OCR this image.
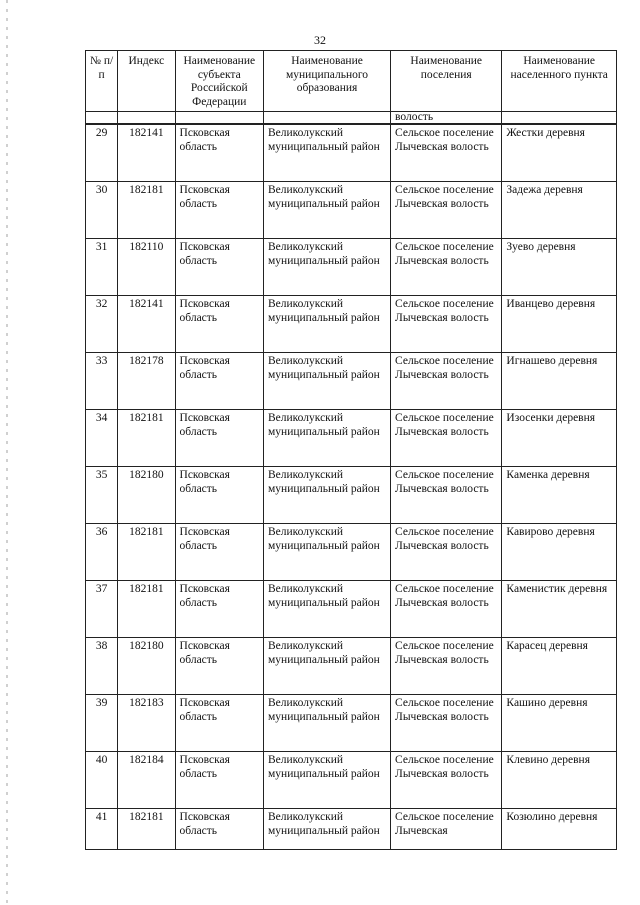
32
№ п/п	Индекс	Наименование субъекта Российской Федерации	Наименование муниципального образования	Наименование поселения	Наименование населенного пункта
				волость	
29	182141	Псковская область	Великолукский муниципальный район	Сельское поселение Лычевская волость	Жестки деревня
30	182181	Псковская область	Великолукский муниципальный район	Сельское поселение Лычевская волость	Задежа деревня
31	182110	Псковская область	Великолукский муниципальный район	Сельское поселение Лычевская волость	Зуево деревня
32	182141	Псковская область	Великолукский муниципальный район	Сельское поселение Лычевская волость	Иванцево деревня
33	182178	Псковская область	Великолукский муниципальный район	Сельское поселение Лычевская волость	Игнашево деревня
34	182181	Псковская область	Великолукский муниципальный район	Сельское поселение Лычевская волость	Изосенки деревня
35	182180	Псковская область	Великолукский муниципальный район	Сельское поселение Лычевская волость	Каменка деревня
36	182181	Псковская область	Великолукский муниципальный район	Сельское поселение Лычевская волость	Кавирово деревня
37	182181	Псковская область	Великолукский муниципальный район	Сельское поселение Лычевская волость	Каменистик деревня
38	182180	Псковская область	Великолукский муниципальный район	Сельское поселение Лычевская волость	Карасец деревня
39	182183	Псковская область	Великолукский муниципальный район	Сельское поселение Лычевская волость	Кашино деревня
40	182184	Псковская область	Великолукский муниципальный район	Сельское поселение Лычевская волость	Клевино деревня
41	182181	Псковская область	Великолукский муниципальный район	Сельское поселение Лычевская	Козюлино деревня
